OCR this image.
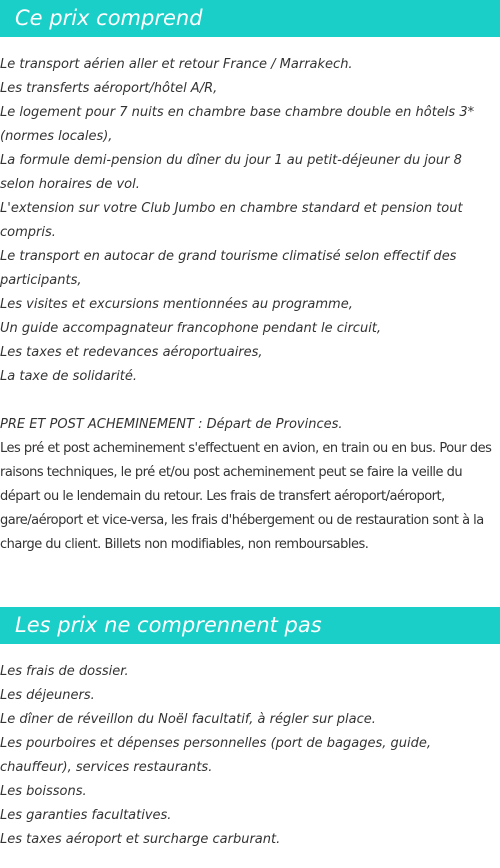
Ce prix comprend
Le transport aérien aller et retour France / Marrakech.
Les transferts aéroport/hôtel A/R,
Le logement pour 7 nuits en chambre base chambre double en hôtels 3* (normes locales),
La formule demi-pension du dîner du jour 1 au petit-déjeuner du jour 8 selon horaires de vol.
L'extension sur votre Club Jumbo en chambre standard et pension tout compris.
Le transport en autocar de grand tourisme climatisé selon effectif des participants,
Les visites et excursions mentionnées au programme,
Un guide accompagnateur francophone pendant le circuit,
Les taxes et redevances aéroportuaires,
La taxe de solidarité.

PRE ET POST ACHEMINEMENT : Départ de Provinces.

Les pré et post acheminement s'effectuent en avion, en train ou en bus. Pour des raisons techniques, le pré et/ou post acheminement peut se faire la veille du départ ou le lendemain du retour. Les frais de transfert aéroport/aéroport, gare/aéroport et vice-versa, les frais d'hébergement ou de restauration sont à la charge du client. Billets non modifiables, non remboursables.

Les prix ne comprennent pas
Les frais de dossier.
Les déjeuners.
Le dîner de réveillon du Noël facultatif, à régler sur place.
Les pourboires et dépenses personnelles (port de bagages, guide, chauffeur), services restaurants.
Les boissons.
Les garanties facultatives.
Les taxes aéroport et surcharge carburant.
